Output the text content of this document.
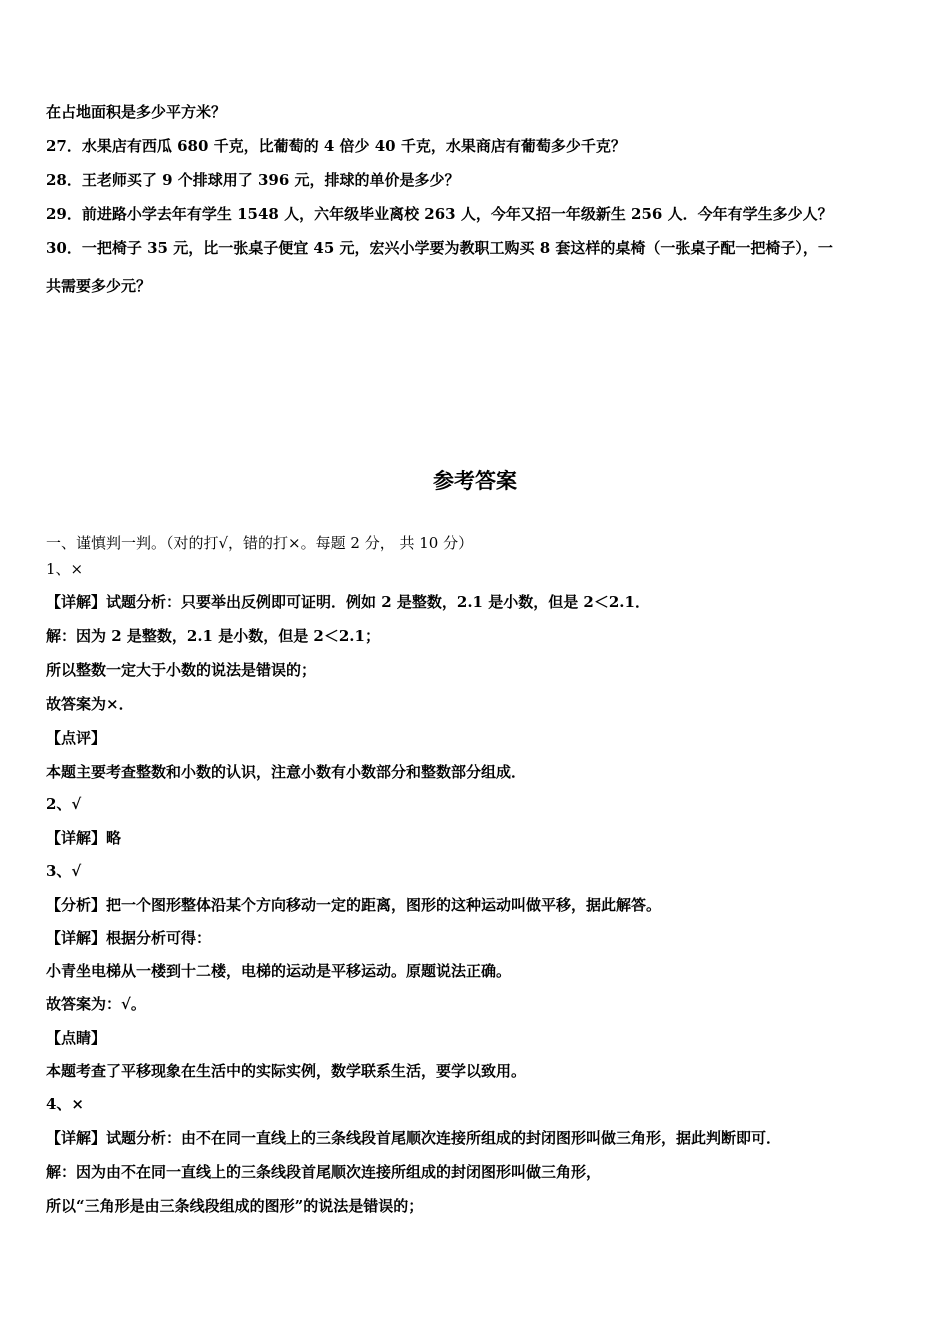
在占地面积是多少平方米？
27．水果店有西瓜 680 千克，比葡萄的 4 倍少 40 千克，水果商店有葡萄多少千克？
28．王老师买了 9 个排球用了 396 元，排球的单价是多少？
29．前进路小学去年有学生 1548 人，六年级毕业离校 263 人，今年又招一年级新生 256 人．今年有学生多少人？
30．一把椅子 35 元，比一张桌子便宜 45 元，宏兴小学要为教职工购买 8 套这样的桌椅（一张桌子配一把椅子），一
共需要多少元？
参考答案
一、谨慎判一判。（对的打√，错的打×。每题 2 分， 共 10 分）
1、×
【详解】试题分析：只要举出反例即可证明．例如 2 是整数，2.1 是小数，但是 2＜2.1．
解：因为 2 是整数，2.1 是小数，但是 2＜2.1；
所以整数一定大于小数的说法是错误的；
故答案为×．
【点评】
本题主要考查整数和小数的认识，注意小数有小数部分和整数部分组成．
2、√
【详解】略
3、√
【分析】把一个图形整体沿某个方向移动一定的距离，图形的这种运动叫做平移，据此解答。
【详解】根据分析可得：
小青坐电梯从一楼到十二楼，电梯的运动是平移运动。原题说法正确。
故答案为：√。
【点睛】
本题考查了平移现象在生活中的实际实例，数学联系生活，要学以致用。
4、×
【详解】试题分析：由不在同一直线上的三条线段首尾顺次连接所组成的封闭图形叫做三角形，据此判断即可．
解：因为由不在同一直线上的三条线段首尾顺次连接所组成的封闭图形叫做三角形，
所以“三角形是由三条线段组成的图形”的说法是错误的；
